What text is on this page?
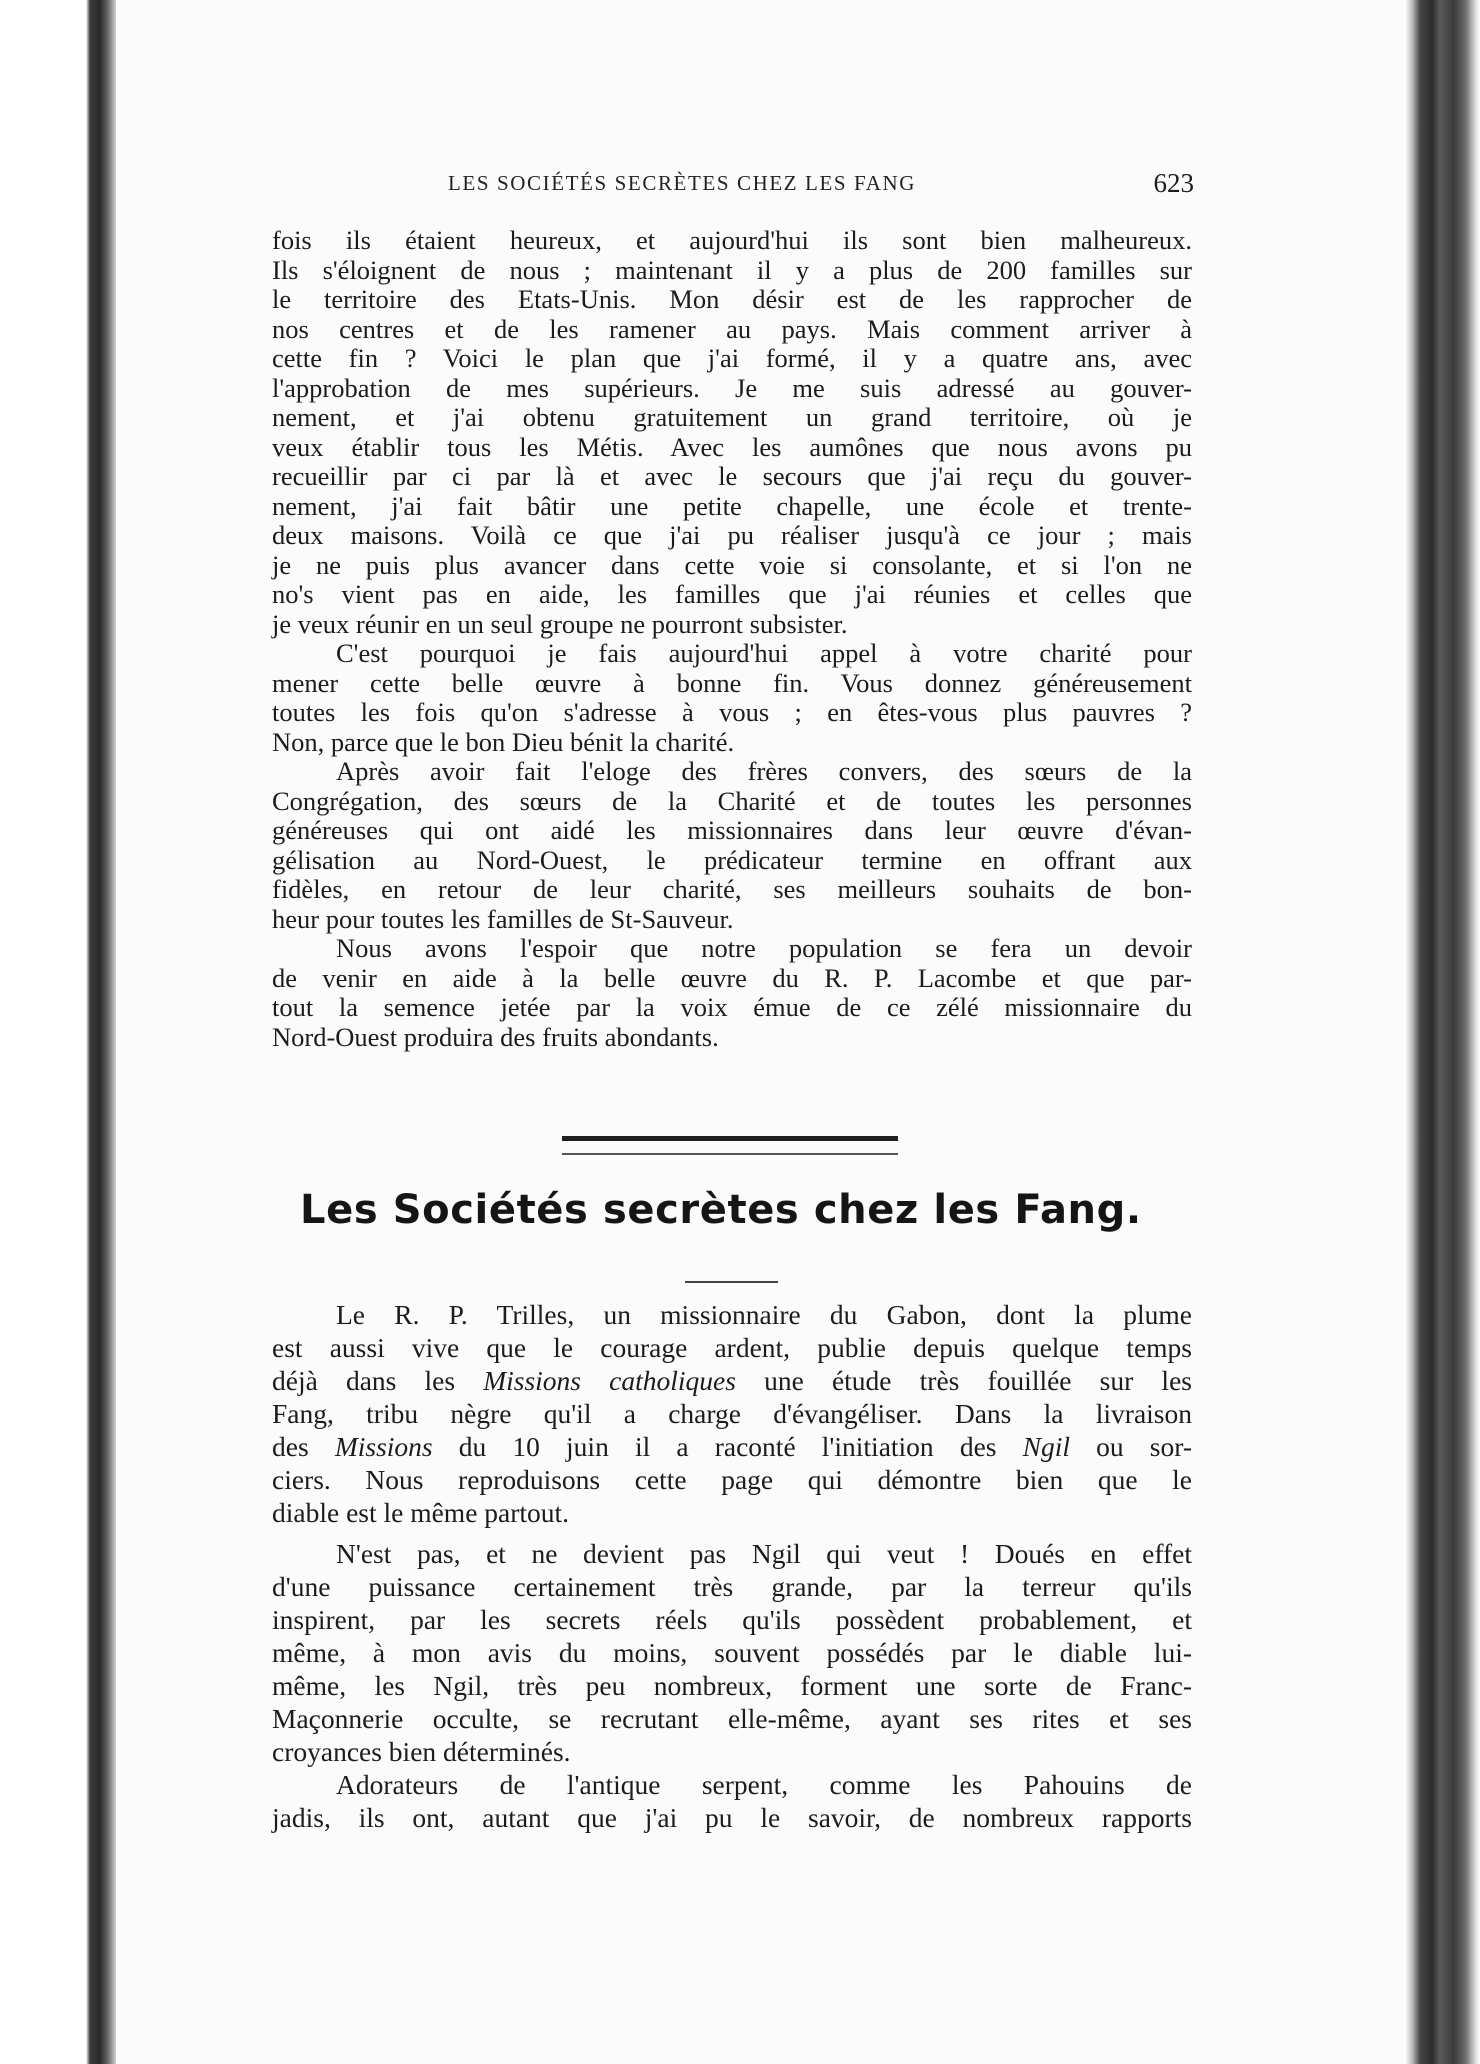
LES SOCIÉTÉS SECRÈTES CHEZ LES FANG	623
fois ils étaient heureux, et aujourd'hui ils sont bien malheureux.
Ils s'éloignent de nous ; maintenant il y a plus de 200 familles sur
le territoire des Etats-Unis. Mon désir est de les rapprocher de
nos centres et de les ramener au pays. Mais comment arriver à
cette fin ? Voici le plan que j'ai formé, il y a quatre ans, avec
l'approbation de mes supérieurs. Je me suis adressé au gouver-
nement, et j'ai obtenu gratuitement un grand territoire, où je
veux établir tous les Métis. Avec les aumônes que nous avons pu
recueillir par ci par là et avec le secours que j'ai reçu du gouver-
nement, j'ai fait bâtir une petite chapelle, une école et trente-
deux maisons. Voilà ce que j'ai pu réaliser jusqu'à ce jour ; mais
je ne puis plus avancer dans cette voie si consolante, et si l'on ne
no's vient pas en aide, les familles que j'ai réunies et celles que
je veux réunir en un seul groupe ne pourront subsister.
C'est pourquoi je fais aujourd'hui appel à votre charité pour
mener cette belle œuvre à bonne fin. Vous donnez généreusement
toutes les fois qu'on s'adresse à vous ; en êtes-vous plus pauvres ?
Non, parce que le bon Dieu bénit la charité.
Après avoir fait l'eloge des frères convers, des sœurs de la
Congrégation, des sœurs de la Charité et de toutes les personnes
généreuses qui ont aidé les missionnaires dans leur œuvre d'évan-
gélisation au Nord-Ouest, le prédicateur termine en offrant aux
fidèles, en retour de leur charité, ses meilleurs souhaits de bon-
heur pour toutes les familles de St-Sauveur.
Nous avons l'espoir que notre population se fera un devoir
de venir en aide à la belle œuvre du R. P. Lacombe et que par-
tout la semence jetée par la voix émue de ce zélé missionnaire du
Nord-Ouest produira des fruits abondants.
Les Sociétés secrètes chez les Fang.
Le R. P. Trilles, un missionnaire du Gabon, dont la plume
est aussi vive que le courage ardent, publie depuis quelque temps
déjà dans les Missions catholiques une étude très fouillée sur les
Fang, tribu nègre qu'il a charge d'évangéliser. Dans la livraison
des Missions du 10 juin il a raconté l'initiation des Ngil ou sor-
ciers. Nous reproduisons cette page qui démontre bien que le
diable est le même partout.
N'est pas, et ne devient pas Ngil qui veut ! Doués en effet
d'une puissance certainement très grande, par la terreur qu'ils
inspirent, par les secrets réels qu'ils possèdent probablement, et
même, à mon avis du moins, souvent possédés par le diable lui-
même, les Ngil, très peu nombreux, forment une sorte de Franc-
Maçonnerie occulte, se recrutant elle-même, ayant ses rites et ses
croyances bien déterminés.
Adorateurs de l'antique serpent, comme les Pahouins de
jadis, ils ont, autant que j'ai pu le savoir, de nombreux rapports
